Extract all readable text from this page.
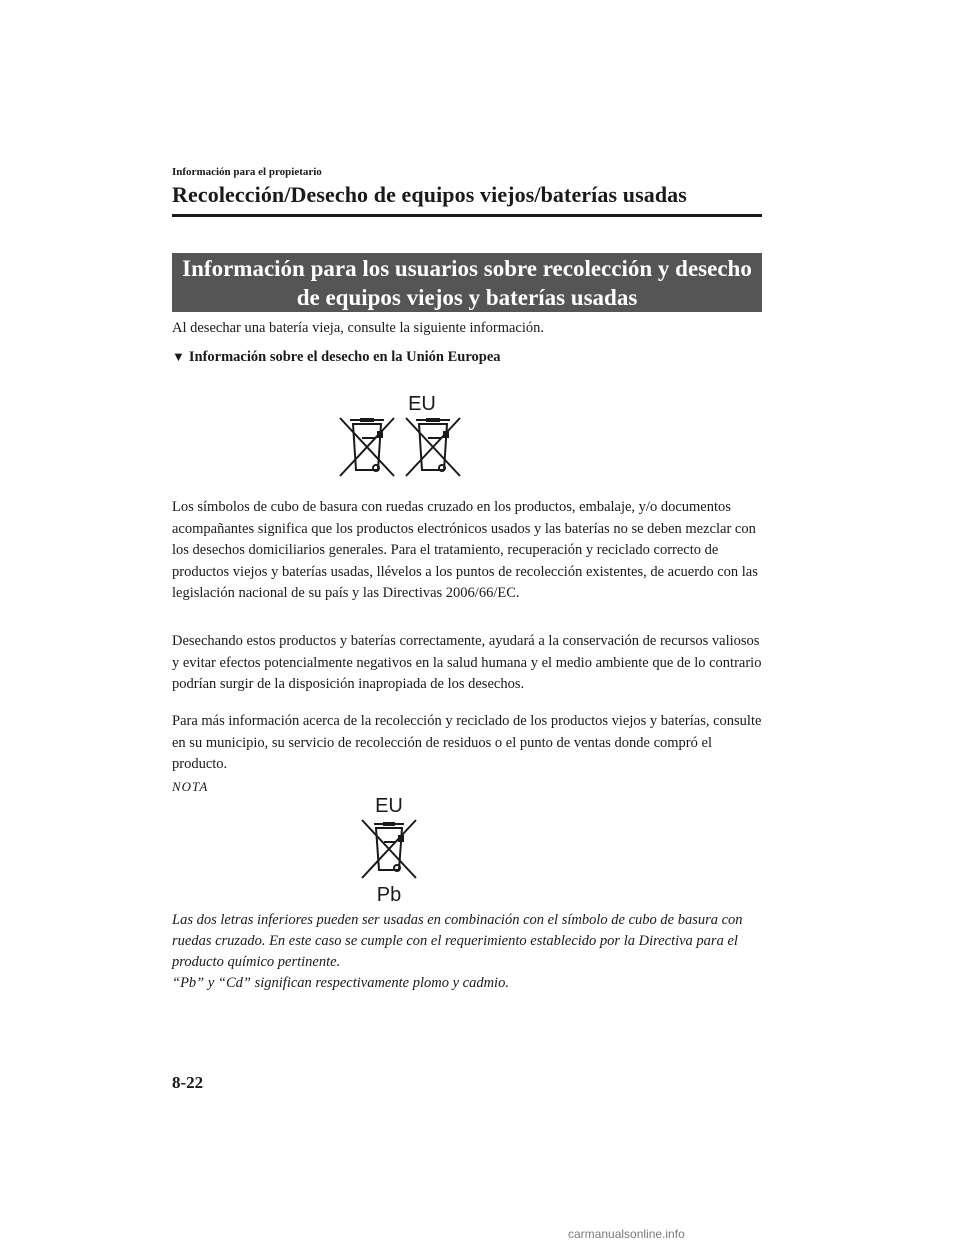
Información para el propietario
Recolección/Desecho de equipos viejos/baterías usadas
Información para los usuarios sobre recolección y desecho
de equipos viejos y baterías usadas
Al desechar una batería vieja, consulte la siguiente información.
▼ Información sobre el desecho en la Unión Europea
EU
Los símbolos de cubo de basura con ruedas cruzado en los productos, embalaje, y/o documentos acompañantes significa que los productos electrónicos usados y las baterías no se deben mezclar con los desechos domiciliarios generales. Para el tratamiento, recuperación y reciclado correcto de productos viejos y baterías usadas, llévelos a los puntos de recolección existentes, de acuerdo con las legislación nacional de su país y las Directivas 2006/66/EC.
Desechando estos productos y baterías correctamente, ayudará a la conservación de recursos valiosos y evitar efectos potencialmente negativos en la salud humana y el medio ambiente que de lo contrario podrían surgir de la disposición inapropiada de los desechos.
Para más información acerca de la recolección y reciclado de los productos viejos y baterías, consulte en su municipio, su servicio de recolección de residuos o el punto de ventas donde compró el producto.
NOTA
EU
Pb
Las dos letras inferiores pueden ser usadas en combinación con el símbolo de cubo de basura con ruedas cruzado. En este caso se cumple con el requerimiento establecido por la Directiva para el producto químico pertinente.
“Pb” y “Cd” significan respectivamente plomo y cadmio.
8-22
carmanualsonline.info
